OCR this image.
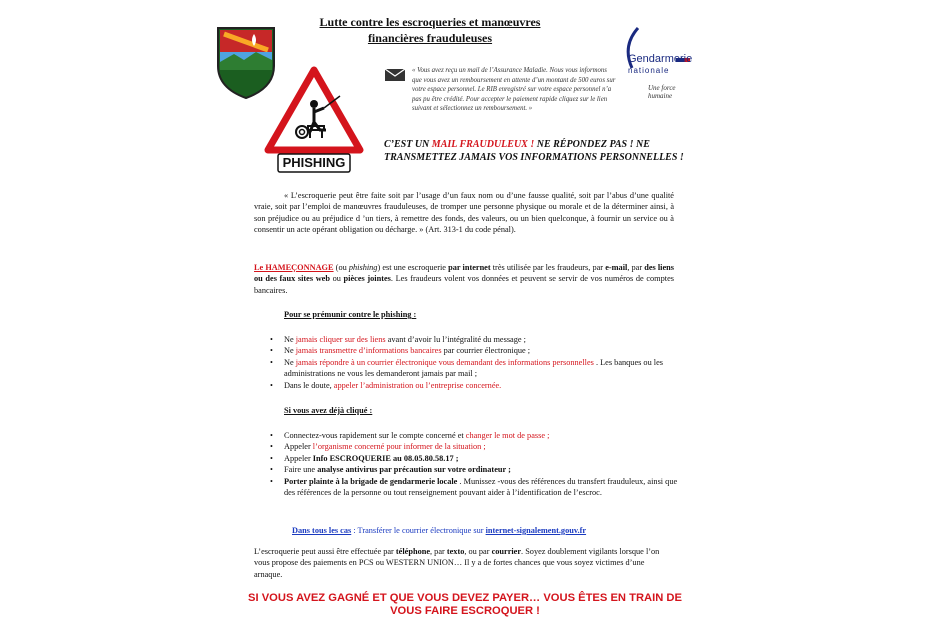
Lutte contre les escroqueries et manœuvres financières frauduleuses
Gendarmerie
nationale
Une force humaine
PHISHING
« Vous avez reçu un mail de l’Assurance Maladie. Nous vous informons que vous avez un remboursement en attente d’un montant de 500 euros sur votre espace personnel. Le RIB enregistré sur votre espace personnel n’a pas pu être crédité. Pour accepter le paiement rapide cliquez sur le lien suivant et sélectionnez un remboursement. »
C’EST UN MAIL FRAUDULEUX ! NE RÉPONDEZ PAS ! NE TRANSMETTEZ JAMAIS VOS INFORMATIONS PERSONNELLES !
« L’escroquerie peut être faite soit par l’usage d’un faux nom ou d’une fausse qualité, soit par l’abus d’une qualité vraie, soit par l’emploi de manœuvres frauduleuses, de tromper une personne physique ou morale et de la déterminer ainsi, à son préjudice ou au préjudice d ’un tiers, à remettre des fonds, des valeurs, ou un bien quelconque, à fournir un service ou à consentir un acte opérant obligation ou décharge. » (Art. 313-1 du code pénal).
Le HAMEÇONNAGE (ou phishing) est une escroquerie par internet très utilisée par les fraudeurs, par e-mail, par des liens ou des faux sites web ou pièces jointes. Les fraudeurs volent vos données et peuvent se servir de vos numéros de comptes bancaires.
Pour se prémunir contre le phishing :
• Ne jamais cliquer sur des liens avant d’avoir lu l’intégralité du message ;
• Ne jamais transmettre d’informations bancaires par courrier électronique ;
• Ne jamais répondre à un courrier électronique vous demandant des informations personnelles . Les banques ou les administrations ne vous les demanderont jamais par mail ;
• Dans le doute, appeler l’administration ou l’entreprise concernée.
Si vous avez déjà cliqué :
• Connectez-vous rapidement sur le compte concerné et changer le mot de passe ;
• Appeler l’organisme concerné pour informer de la situation ;
• Appeler Info ESCROQUERIE au 08.05.80.58.17 ;
• Faire une analyse antivirus par précaution sur votre ordinateur ;
• Porter plainte à la brigade de gendarmerie locale . Munissez -vous des références du transfert frauduleux, ainsi que des références de la personne ou tout renseignement pouvant aider à l’identification de l’escroc.
Dans tous les cas : Transférer le courrier électronique sur internet-signalement.gouv.fr
L’escroquerie peut aussi être effectuée par téléphone, par texto, ou par courrier. Soyez doublement vigilants lorsque l’on vous propose des paiements en PCS ou WESTERN UNION… Il y a de fortes chances que vous soyez victimes d’une arnaque.
SI VOUS AVEZ GAGNÉ ET QUE VOUS DEVEZ PAYER… VOUS ÊTES EN TRAIN DE VOUS FAIRE ESCROQUER !
